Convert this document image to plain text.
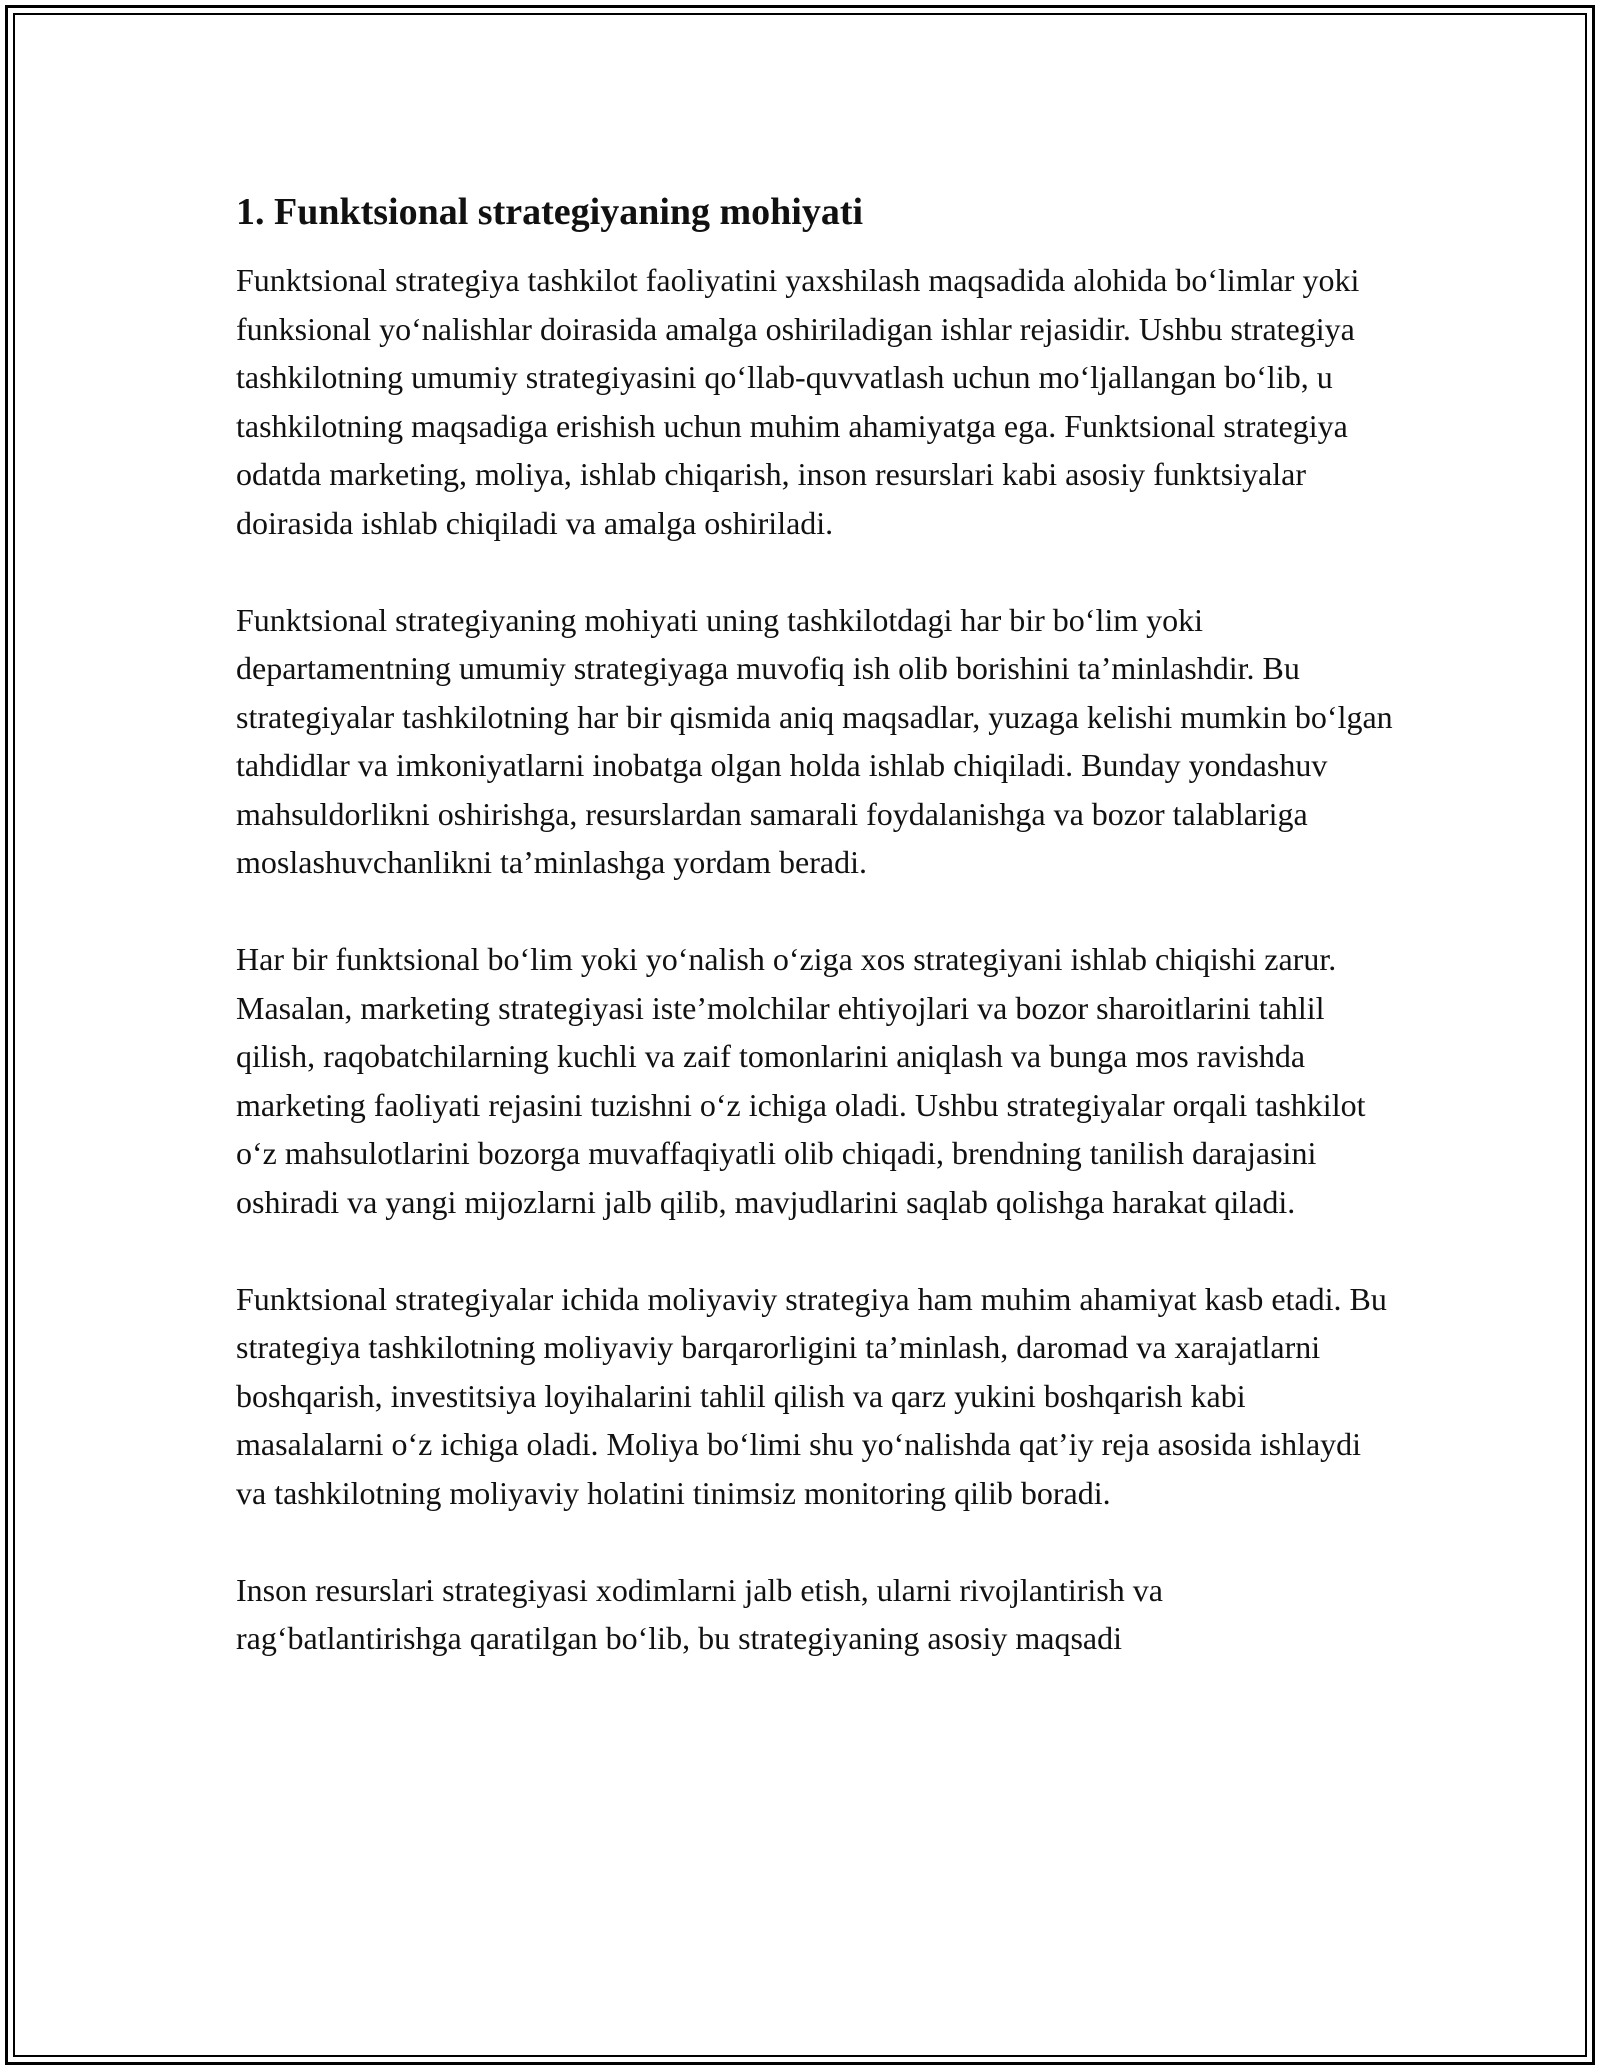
1. Funktsional strategiyaning mohiyati

Funktsional strategiya tashkilot faoliyatini yaxshilash maqsadida alohida bo‘limlar yoki funksional yo‘nalishlar doirasida amalga oshiriladigan ishlar rejasidir. Ushbu strategiya tashkilotning umumiy strategiyasini qo‘llab-quvvatlash uchun mo‘ljallangan bo‘lib, u tashkilotning maqsadiga erishish uchun muhim ahamiyatga ega. Funktsional strategiya odatda marketing, moliya, ishlab chiqarish, inson resurslari kabi asosiy funktsiyalar doirasida ishlab chiqiladi va amalga oshiriladi.

Funktsional strategiyaning mohiyati uning tashkilotdagi har bir bo‘lim yoki departamentning umumiy strategiyaga muvofiq ish olib borishini ta’minlashdir. Bu strategiyalar tashkilotning har bir qismida aniq maqsadlar, yuzaga kelishi mumkin bo‘lgan tahdidlar va imkoniyatlarni inobatga olgan holda ishlab chiqiladi. Bunday yondashuv mahsuldorlikni oshirishga, resurslardan samarali foydalanishga va bozor talablariga moslashuvchanlikni ta’minlashga yordam beradi.

Har bir funktsional bo‘lim yoki yo‘nalish o‘ziga xos strategiyani ishlab chiqishi zarur. Masalan, marketing strategiyasi iste’molchilar ehtiyojlari va bozor sharoitlarini tahlil qilish, raqobatchilarning kuchli va zaif tomonlarini aniqlash va bunga mos ravishda marketing faoliyati rejasini tuzishni o‘z ichiga oladi. Ushbu strategiyalar orqali tashkilot o‘z mahsulotlarini bozorga muvaffaqiyatli olib chiqadi, brendning tanilish darajasini oshiradi va yangi mijozlarni jalb qilib, mavjudlarini saqlab qolishga harakat qiladi.

Funktsional strategiyalar ichida moliyaviy strategiya ham muhim ahamiyat kasb etadi. Bu strategiya tashkilotning moliyaviy barqarorligini ta’minlash, daromad va xarajatlarni boshqarish, investitsiya loyihalarini tahlil qilish va qarz yukini boshqarish kabi masalalarni o‘z ichiga oladi. Moliya bo‘limi shu yo‘nalishda qat’iy reja asosida ishlaydi va tashkilotning moliyaviy holatini tinimsiz monitoring qilib boradi.

Inson resurslari strategiyasi xodimlarni jalb etish, ularni rivojlantirish va rag‘batlantirishga qaratilgan bo‘lib, bu strategiyaning asosiy maqsadi
